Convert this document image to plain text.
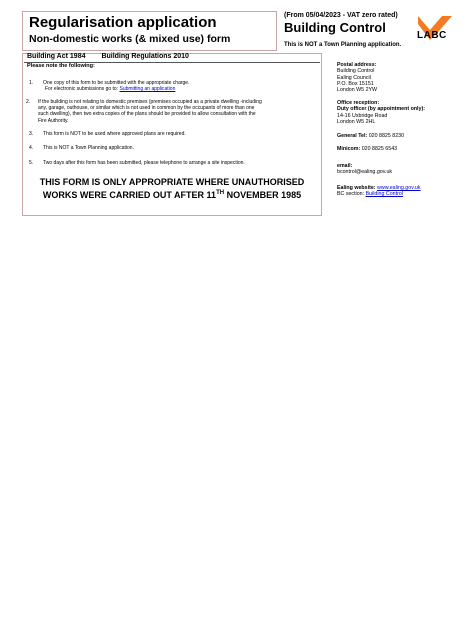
Regularisation application
Non-domestic works (& mixed use) form
(From 05/04/2023 - VAT zero rated)
Building Control
This is NOT a Town Planning application.
LABC
Building Act 1984 Building Regulations 2010
Please note the following:
1. One copy of this form to be submitted with the appropriate charge.
For electronic submissions go to: Submitting an application
2. If the building is not relating to domestic premises (premises occupied as a private dwelling -including
any, garage, outhouse, or similar which is not used in common by the occupants of more than one
such dwelling), then two extra copies of the plans should be provided to allow consultation with the
Fire Authority.
3. This form is NOT to be used where approved plans are required.
4. This is NOT a Town Planning application.
5. Two days after this form has been submitted, please telephone to arrange a site inspection.
THIS FORM IS ONLY APPROPRIATE WHERE UNAUTHORISED
WORKS WERE CARRIED OUT AFTER 11TH NOVEMBER 1985
Postal address:
Building Control
Ealing Council
P.O. Box 15151
London W5 2YW
Office reception:
Duty officer (by appointment only):
14-16 Uxbridge Road
London W5 2HL
General Tel: 020 8825 8230
Minicom: 020 8825 6543
email:
bcontrol@ealing.gov.uk
Ealing website: www.ealing.gov.uk
BC section: Building Control
